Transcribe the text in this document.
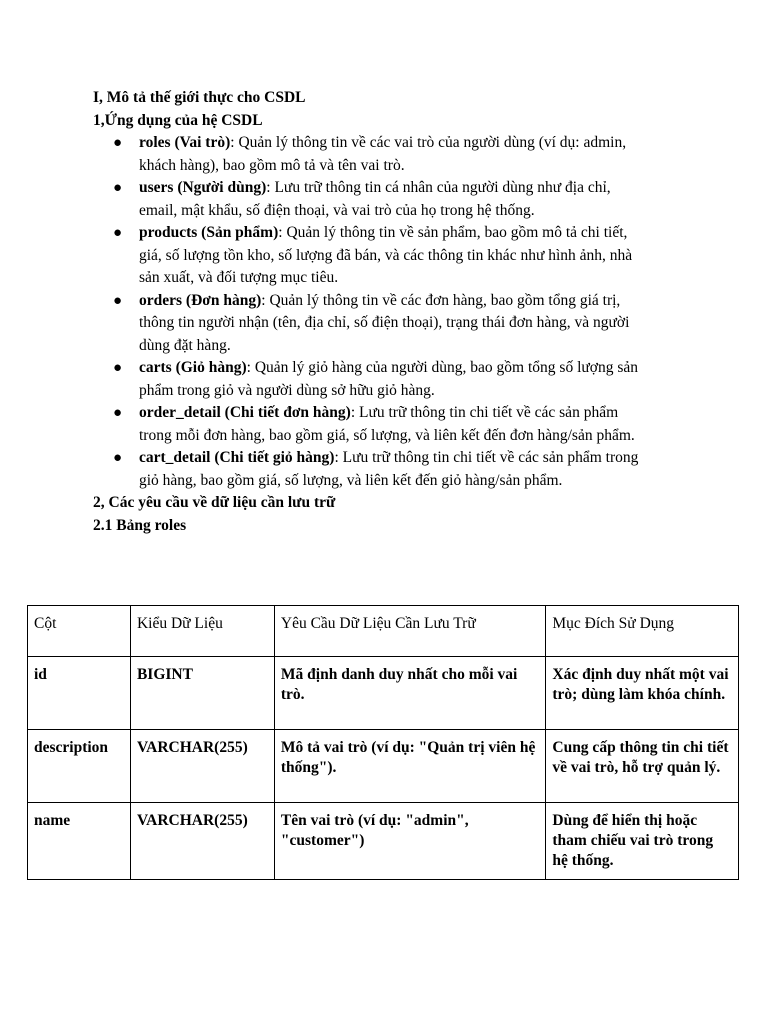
I, Mô tả thế giới thực cho CSDL
1,Ứng dụng của hệ CSDL
● roles (Vai trò): Quản lý thông tin về các vai trò của người dùng (ví dụ: admin, khách hàng), bao gồm mô tả và tên vai trò.
● users (Người dùng): Lưu trữ thông tin cá nhân của người dùng như địa chỉ, email, mật khẩu, số điện thoại, và vai trò của họ trong hệ thống.
● products (Sản phẩm): Quản lý thông tin về sản phẩm, bao gồm mô tả chi tiết, giá, số lượng tồn kho, số lượng đã bán, và các thông tin khác như hình ảnh, nhà sản xuất, và đối tượng mục tiêu.
● orders (Đơn hàng): Quản lý thông tin về các đơn hàng, bao gồm tổng giá trị, thông tin người nhận (tên, địa chỉ, số điện thoại), trạng thái đơn hàng, và người dùng đặt hàng.
● carts (Giỏ hàng): Quản lý giỏ hàng của người dùng, bao gồm tổng số lượng sản phẩm trong giỏ và người dùng sở hữu giỏ hàng.
● order_detail (Chi tiết đơn hàng): Lưu trữ thông tin chi tiết về các sản phẩm trong mỗi đơn hàng, bao gồm giá, số lượng, và liên kết đến đơn hàng/sản phẩm.
● cart_detail (Chi tiết giỏ hàng): Lưu trữ thông tin chi tiết về các sản phẩm trong giỏ hàng, bao gồm giá, số lượng, và liên kết đến giỏ hàng/sản phẩm.
2, Các yêu cầu về dữ liệu cần lưu trữ
2.1 Bảng roles
Cột	Kiểu Dữ Liệu	Yêu Cầu Dữ Liệu Cần Lưu Trữ	Mục Đích Sử Dụng
id	BIGINT	Mã định danh duy nhất cho mỗi vai trò.	Xác định duy nhất một vai trò; dùng làm khóa chính.
description	VARCHAR(255)	Mô tả vai trò (ví dụ: "Quản trị viên hệ thống").	Cung cấp thông tin chi tiết về vai trò, hỗ trợ quản lý.
name	VARCHAR(255)	Tên vai trò (ví dụ: "admin", "customer")	Dùng để hiển thị hoặc tham chiếu vai trò trong hệ thống.
